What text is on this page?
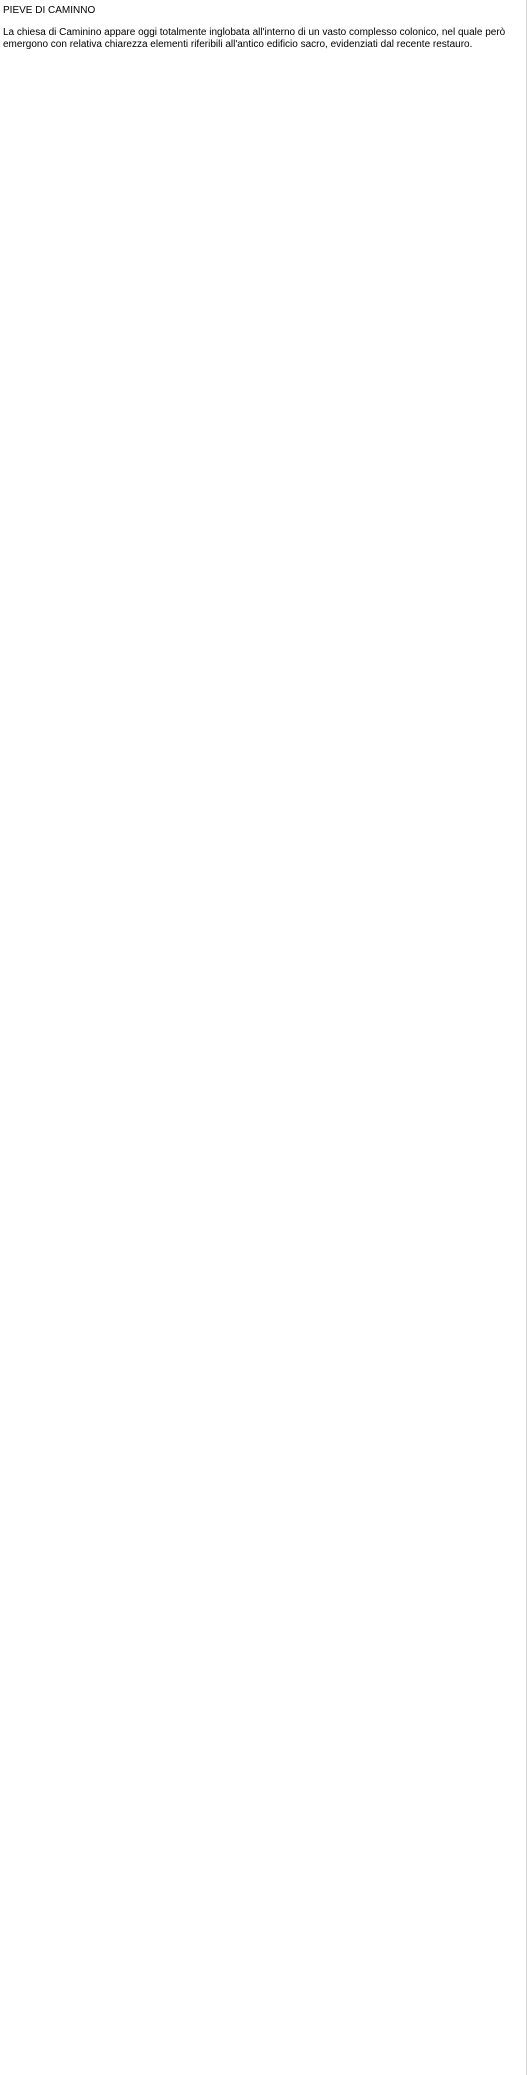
PIEVE DI CAMINNO
La chiesa di Caminino appare oggi totalmente inglobata all'interno di un vasto complesso colonico, nel quale però emergono con relativa chiarezza elementi riferibili all'antico edificio sacro, evidenziati dal recente restauro.
